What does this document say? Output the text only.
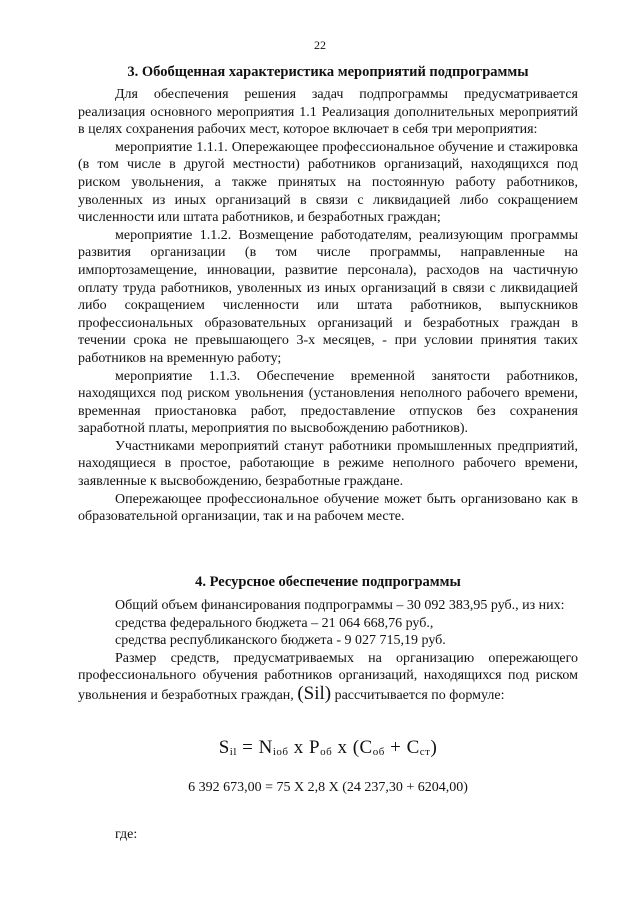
22
3. Обобщенная характеристика мероприятий подпрограммы

Для обеспечения решения задач подпрограммы предусматривается реализация основного мероприятия 1.1 Реализация дополнительных мероприятий в целях сохранения рабочих мест, которое включает в себя три мероприятия:

мероприятие 1.1.1. Опережающее профессиональное обучение и стажировка (в том числе в другой местности) работников организаций, находящихся под риском увольнения, а также принятых на постоянную работу работников, уволенных из иных организаций в связи с ликвидацией либо сокращением численности или штата работников, и безработных граждан;

мероприятие 1.1.2. Возмещение работодателям, реализующим программы развития организации (в том числе программы, направленные на импортозамещение, инновации, развитие персонала), расходов на частичную оплату труда работников, уволенных из иных организаций в связи с ликвидацией либо сокращением численности или штата работников, выпускников профессиональных образовательных организаций и безработных граждан в течении срока не превышающего 3-х месяцев, - при условии принятия таких работников на временную работу;

мероприятие 1.1.3. Обеспечение временной занятости работников, находящихся под риском увольнения (установления неполного рабочего времени, временная приостановка работ, предоставление отпусков без сохранения заработной платы, мероприятия по высвобождению работников).

Участниками мероприятий станут работники промышленных предприятий, находящиеся в простое, работающие в режиме неполного рабочего времени, заявленные к высвобождению, безработные граждане.

Опережающее профессиональное обучение может быть организовано как в образовательной организации, так и на рабочем месте.

4. Ресурсное обеспечение подпрограммы

Общий объем финансирования подпрограммы – 30 092 383,95 руб., из них:

средства федерального бюджета – 21 064 668,76 руб.,

средства республиканского бюджета - 9 027 715,19 руб.

Размер средств, предусматриваемых на организацию опережающего профессионального обучения работников организаций, находящихся под риском увольнения и безработных граждан, (Sil) рассчитывается по формуле:

$S_{il} = N_{iоб}$ х $P_{об}$ х $(C_{об} + C_{ст})$
6 392 673,00 = 75 Х 2,8 Х (24 237,30 + 6204,00)
где:
